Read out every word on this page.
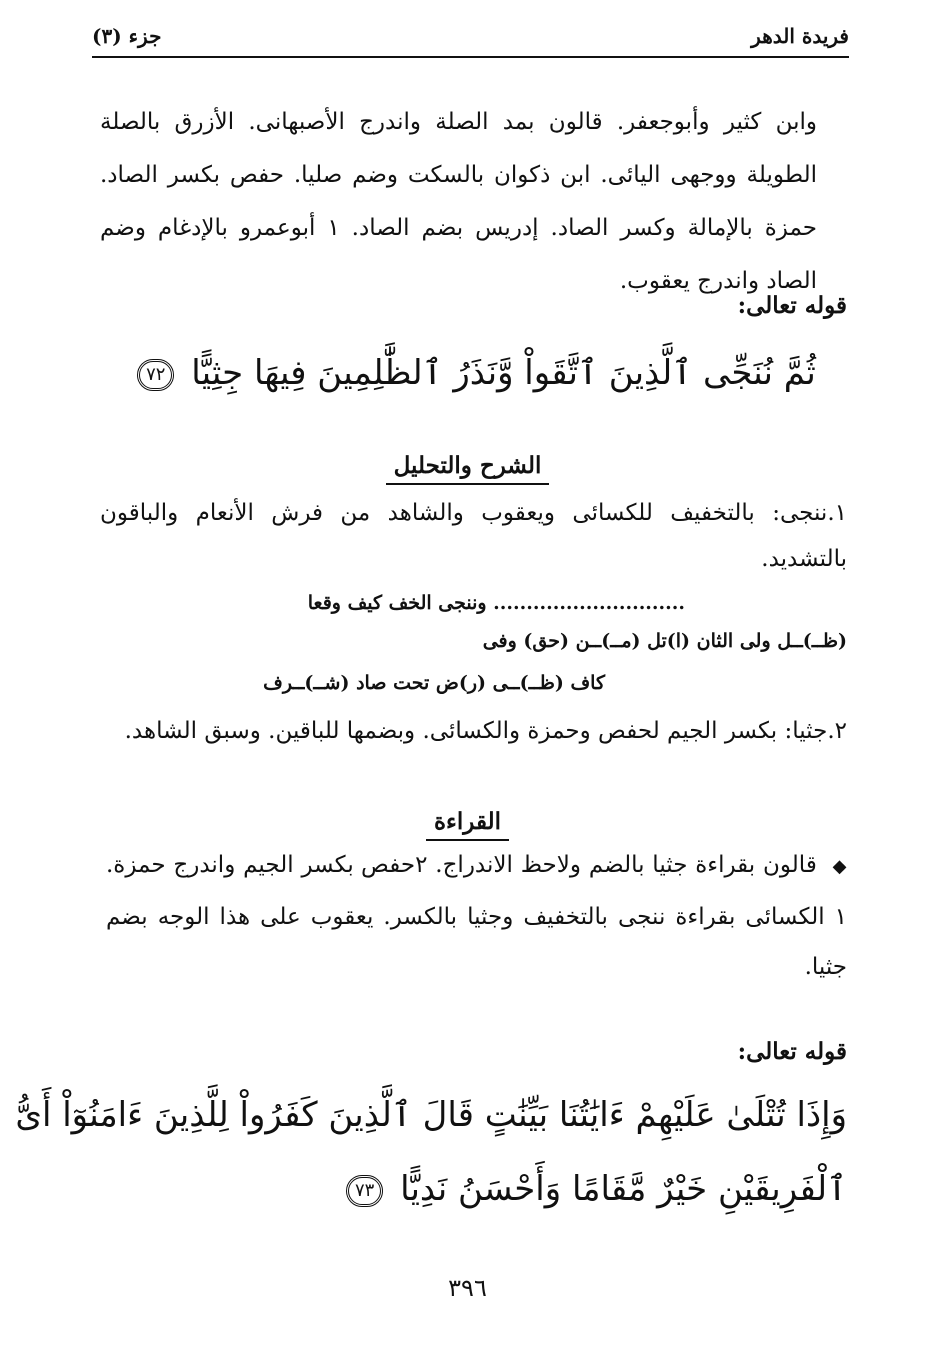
فريدة الدهر
جزء (٣)
وابن كثير وأبوجعفر. قالون بمد الصلة واندرج الأصبهانى. الأزرق بالصلة الطويلة ووجهى اليائى. ابن ذكوان بالسكت وضم صليا. حفص بكسر الصاد. حمزة بالإمالة وكسر الصاد. إدريس بضم الصاد. ١ أبوعمرو بالإدغام وضم الصاد واندرج يعقوب.
قوله تعالى:
ثُمَّ نُنَجِّى ٱلَّذِينَ ٱتَّقَواْ وَّنَذَرُ ٱلظَّٰلِمِينَ فِيهَا جِثِيًّا ٧٢
الشرح والتحليل
١.ننجى: بالتخفيف للكسائى ويعقوب والشاهد من فرش الأنعام والباقون بالتشديد.
............................. وننجى الخف كيف وقعا
(ظــ)ــل ولى الثان (ا)تل (مــ)ــن (حق) وفى
كاف (ظــ)ــى (ر)ض تحت صاد (شــ)ــرف
٢.جثيا: بكسر الجيم لحفص وحمزة والكسائى. وبضمها للباقين. وسبق الشاهد.
القراءة
◆ قالون بقراءة جثيا بالضم ولاحظ الاندراج. ٢حفص بكسر الجيم واندرج حمزة. ١ الكسائى بقراءة ننجى بالتخفيف وجثيا بالكسر. يعقوب على هذا الوجه بضم جثيا.
قوله تعالى:
وَإِذَا تُتْلَىٰ عَلَيْهِمْ ءَايَٰتُنَا بَيِّنَٰتٍ قَالَ ٱلَّذِينَ كَفَرُواْ لِلَّذِينَ ءَامَنُوٓاْ أَىُّ
ٱلْفَرِيقَيْنِ خَيْرٌ مَّقَامًا وَأَحْسَنُ نَدِيًّا ٧٣
٣٩٦
